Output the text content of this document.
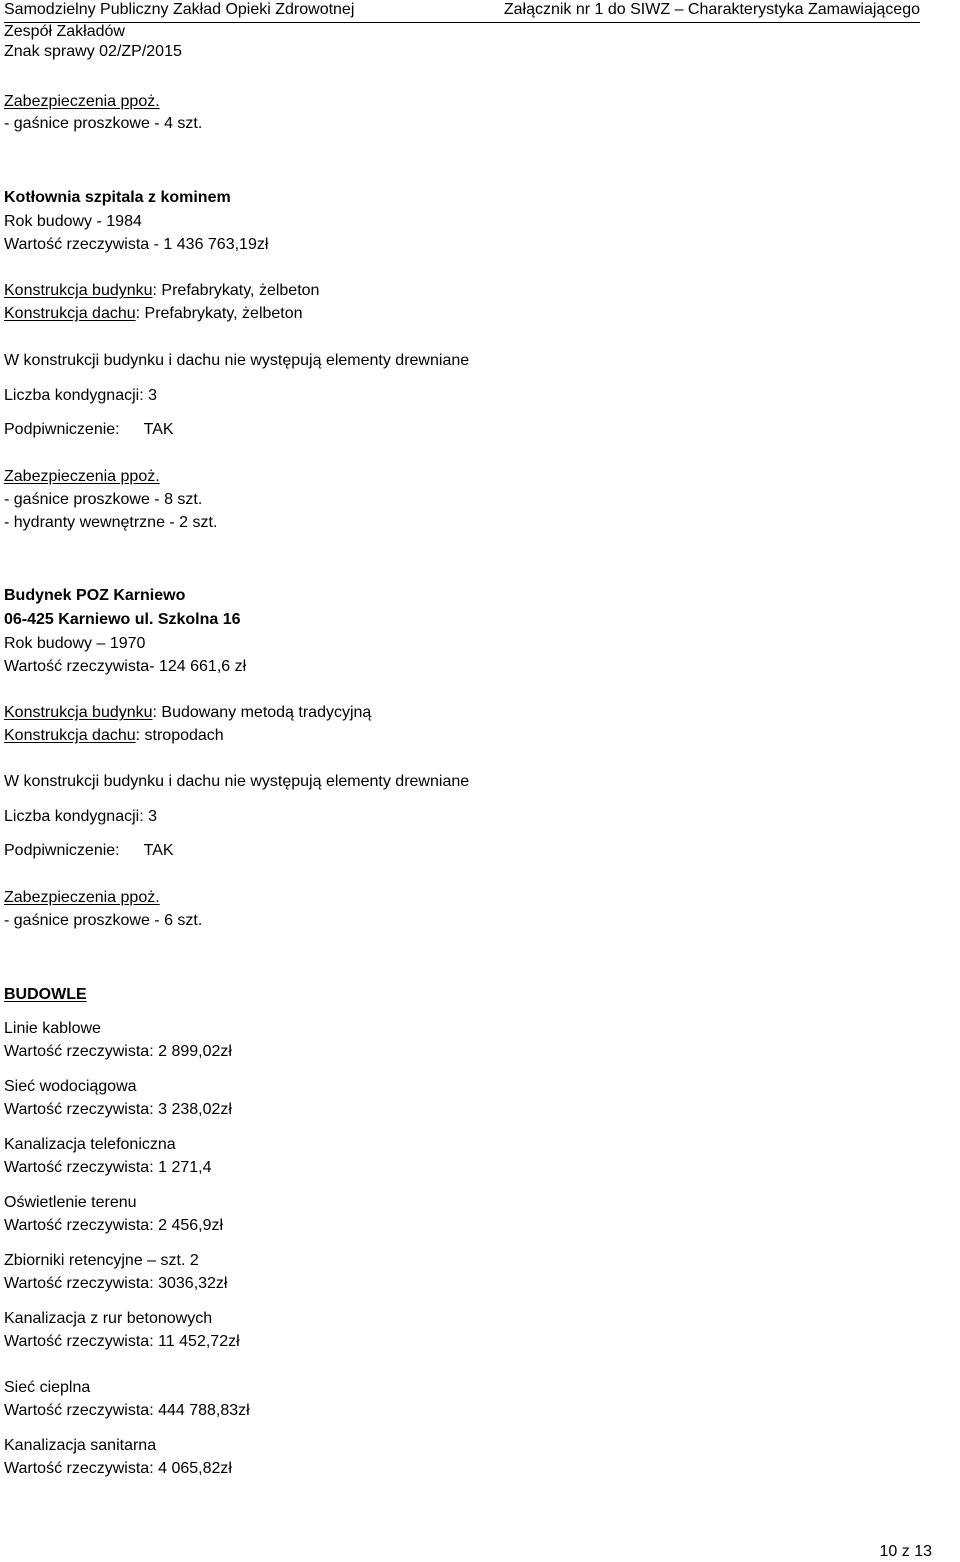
Samodzielny Publiczny Zakład Opieki Zdrowotnej	Załącznik nr 1 do SIWZ – Charakterystyka Zamawiającego
Zespół Zakładów
Znak sprawy 02/ZP/2015
Zabezpieczenia ppoż.
- gaśnice proszkowe - 4 szt.
Kotłownia szpitala z kominem
Rok budowy - 1984
Wartość rzeczywista - 1 436 763,19zł
Konstrukcja budynku: Prefabrykaty, żelbeton
Konstrukcja dachu: Prefabrykaty, żelbeton
W konstrukcji budynku i dachu nie występują elementy drewniane
Liczba kondygnacji: 3
Podpiwniczenie: TAK
Zabezpieczenia ppoż.
- gaśnice proszkowe - 8 szt.
- hydranty wewnętrzne - 2 szt.
Budynek POZ Karniewo
06-425 Karniewo ul. Szkolna 16
Rok budowy – 1970
Wartość rzeczywista- 124 661,6 zł
Konstrukcja budynku: Budowany metodą tradycyjną
Konstrukcja dachu: stropodach
W konstrukcji budynku i dachu nie występują elementy drewniane
Liczba kondygnacji: 3
Podpiwniczenie: TAK
Zabezpieczenia ppoż.
- gaśnice proszkowe - 6 szt.
BUDOWLE
Linie kablowe
Wartość rzeczywista: 2 899,02zł
Sieć wodociągowa
Wartość rzeczywista: 3 238,02zł
Kanalizacja telefoniczna
Wartość rzeczywista: 1 271,4
Oświetlenie terenu
Wartość rzeczywista: 2 456,9zł
Zbiorniki retencyjne – szt. 2
Wartość rzeczywista: 3036,32zł
Kanalizacja z rur betonowych
Wartość rzeczywista: 11 452,72zł
Sieć cieplna
Wartość rzeczywista: 444 788,83zł
Kanalizacja sanitarna
Wartość rzeczywista: 4 065,82zł
10 z 13
